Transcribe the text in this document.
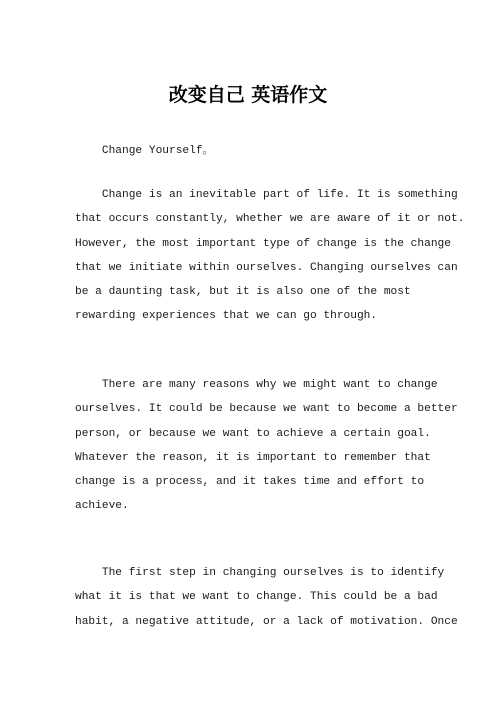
改变自己 英语作文

Change Yourself。

Change is an inevitable part of life. It is something
that occurs constantly, whether we are aware of it or not.
However, the most important type of change is the change
that we initiate within ourselves. Changing ourselves can
be a daunting task, but it is also one of the most
rewarding experiences that we can go through.

There are many reasons why we might want to change
ourselves. It could be because we want to become a better
person, or because we want to achieve a certain goal.
Whatever the reason, it is important to remember that
change is a process, and it takes time and effort to
achieve.

The first step in changing ourselves is to identify
what it is that we want to change. This could be a bad
habit, a negative attitude, or a lack of motivation. Once
